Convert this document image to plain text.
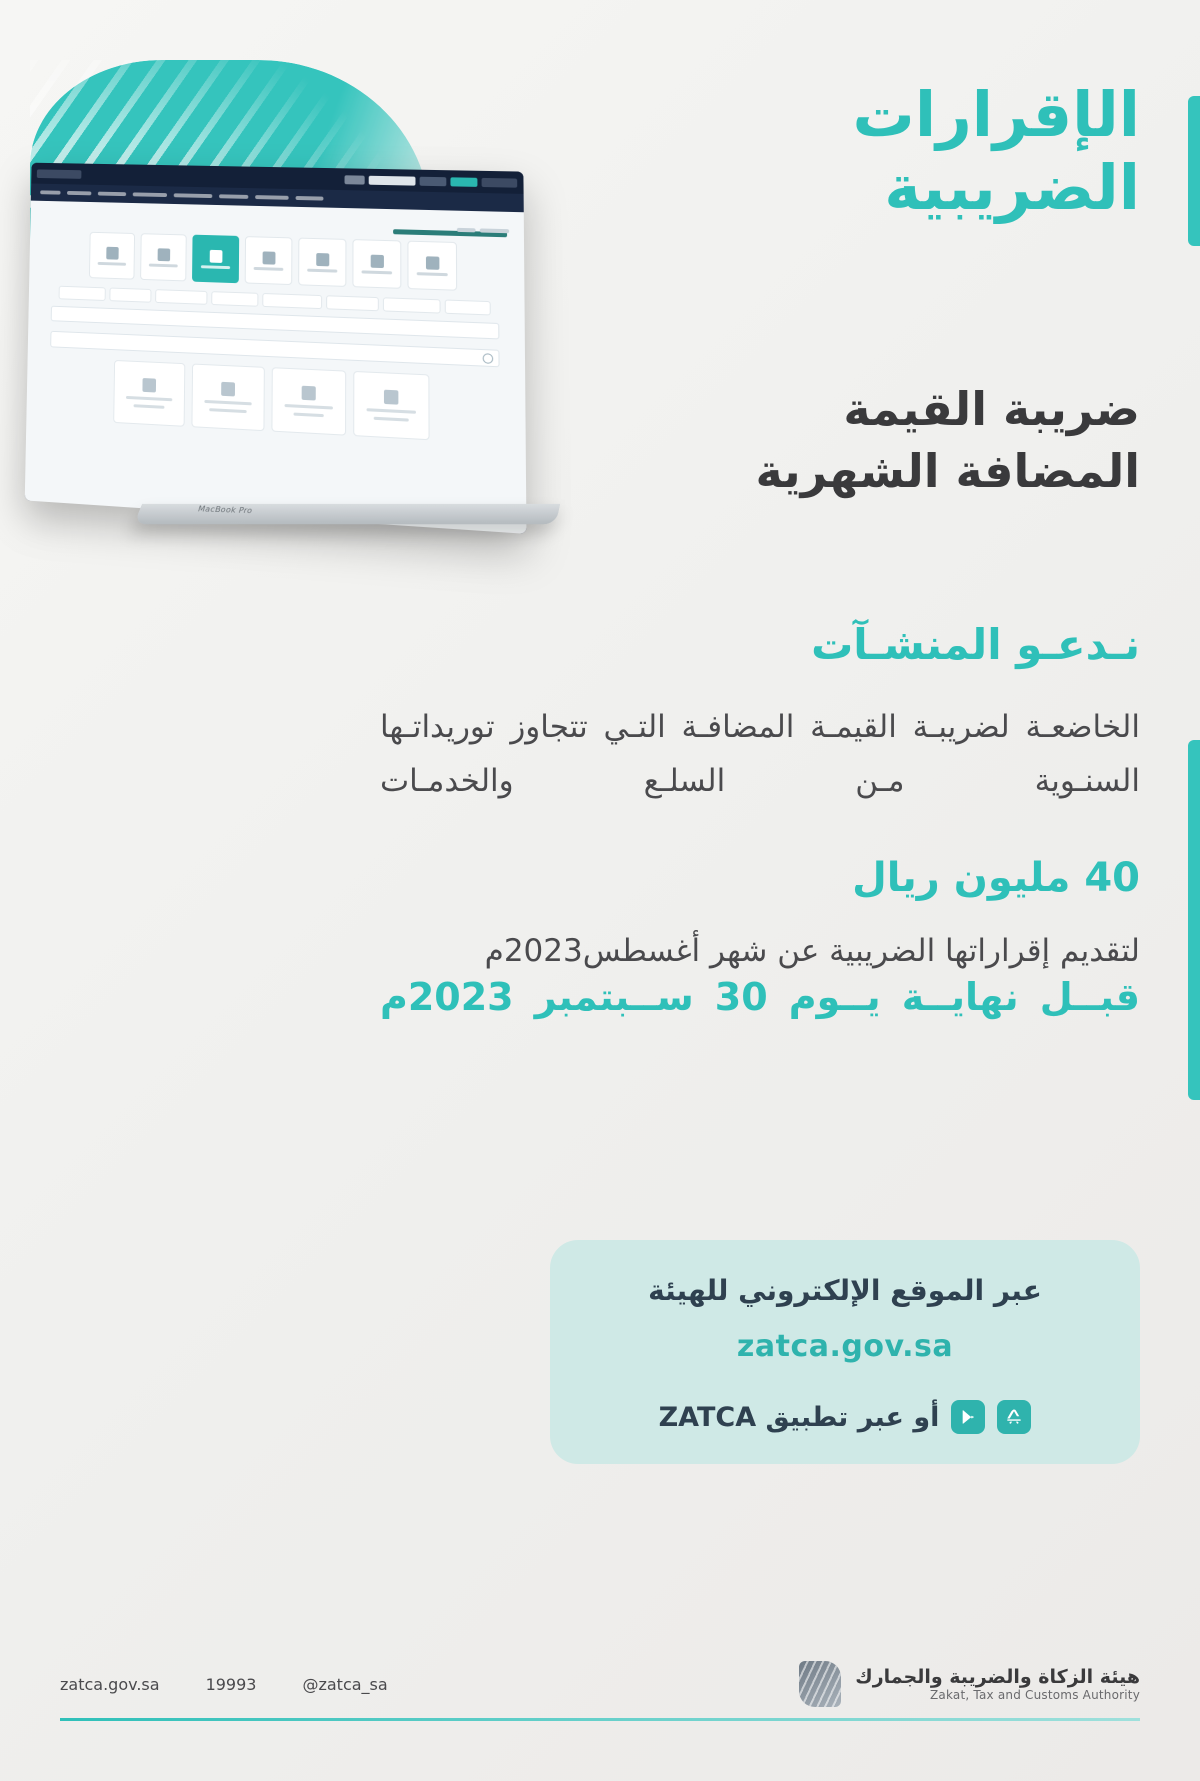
MacBook Pro
الإقرارات
الضريبية
ضريبة القيمة
المضافة الشهرية
نـدعـو المنشـآت
الخاضعـة لضريبـة القيمـة المضافـة التـي تتجاوز توريداتـها السنـوية مـن السلـع والخدمـات
40 مليون ريال
لتقديم إقراراتها الضريبية عن شهر أغسطس2023م
قبــل نهايــة يــوم 30 ســبتمبر 2023م
عبر الموقع الإلكتروني للهيئة
zatca.gov.sa
أو عبر تطبيق ZATCA
zatca.gov.sa	19993	@zatca_sa	هيئة الزكاة والضريبة والجمارك
Zakat, Tax and Customs Authority
